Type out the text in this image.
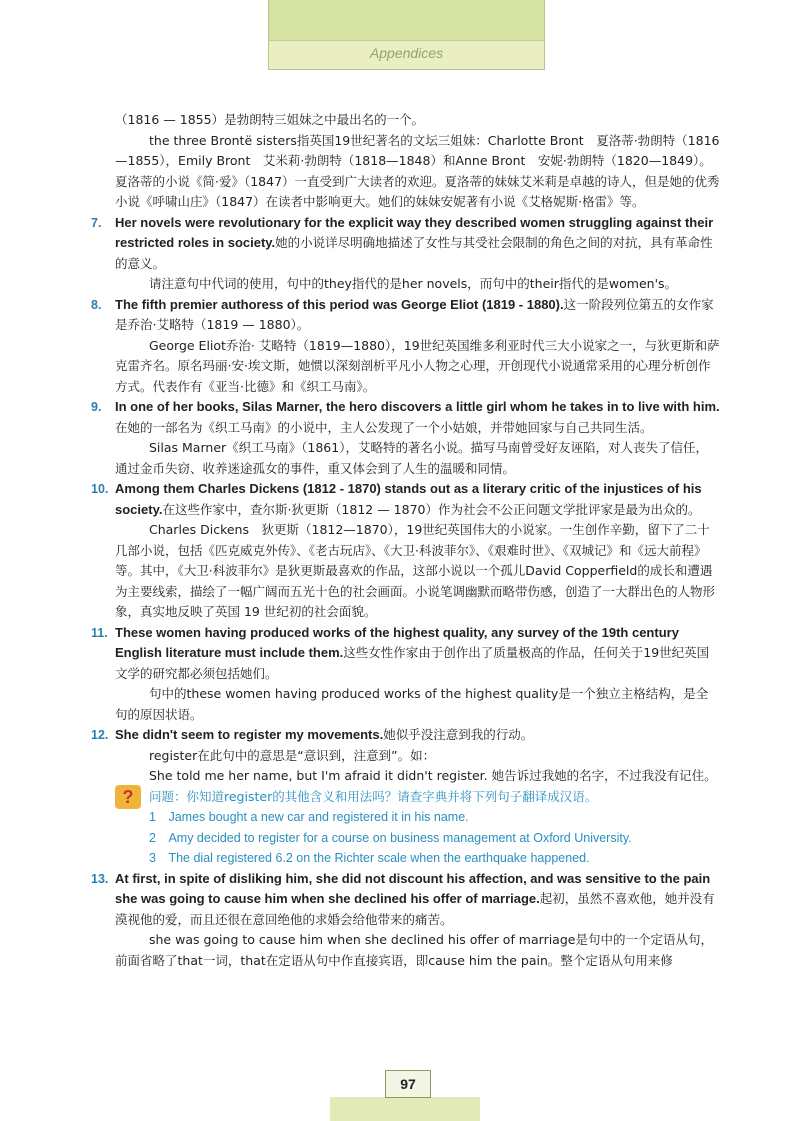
Appendices

（1816 — 1855）是勃朗特三姐妹之中最出名的一个。

the three Brontë sisters指英国19世纪著名的文坛三姐妹：Charlotte Bront　夏洛蒂·勃朗特（1816—1855），Emily Bront　艾米莉·勃朗特（1818—1848）和Anne Bront　安妮·勃朗特（1820—1849）。夏洛蒂的小说《简·爱》（1847）一直受到广大读者的欢迎。夏洛蒂的妹妹艾米莉是卓越的诗人，但是她的优秀小说《呼啸山庄》（1847）在读者中影响更大。她们的妹妹安妮著有小说《艾格妮斯·格雷》等。

7. Her novels were revolutionary for the explicit way they described women struggling against their restricted roles in society.她的小说详尽明确地描述了女性与其受社会限制的角色之间的对抗，具有革命性的意义。

请注意句中代词的使用，句中的they指代的是her novels，而句中的their指代的是women's。

8. The fifth premier authoress of this period was George Eliot (1819 - 1880).这一阶段列位第五的女作家是乔治·艾略特（1819 — 1880）。

George Eliot乔治· 艾略特（1819—1880），19世纪英国维多利亚时代三大小说家之一，与狄更斯和萨克雷齐名。原名玛丽·安·埃文斯，她惯以深刻剖析平凡小人物之心理，开创现代小说通常采用的心理分析创作方式。代表作有《亚当·比德》和《织工马南》。

9. In one of her books, Silas Marner, the hero discovers a little girl whom he takes in to live with him.在她的一部名为《织工马南》的小说中，主人公发现了一个小姑娘，并带她回家与自己共同生活。

Silas Marner《织工马南》（1861），艾略特的著名小说。描写马南曾受好友诬陷，对人丧失了信任，通过金币失窃、收养迷途孤女的事件，重又体会到了人生的温暖和同情。

10. Among them Charles Dickens (1812 - 1870) stands out as a literary critic of the injustices of his society.在这些作家中，查尔斯·狄更斯（1812 — 1870）作为社会不公正问题文学批评家是最为出众的。

Charles Dickens　狄更斯（1812—1870），19世纪英国伟大的小说家。一生创作辛勤，留下了二十几部小说，包括《匹克威克外传》、《老古玩店》、《大卫·科波菲尔》、《艰难时世》、《双城记》和《远大前程》等。其中，《大卫·科波菲尔》是狄更斯最喜欢的作品，这部小说以一个孤儿David Copperfield的成长和遭遇为主要线索，描绘了一幅广阔而五光十色的社会画面。小说笔调幽默而略带伤感，创造了一大群出色的人物形象，真实地反映了英国 19 世纪初的社会面貌。

11. These women having produced works of the highest quality, any survey of the 19th century English literature must include them.这些女性作家由于创作出了质量极高的作品，任何关于19世纪英国文学的研究都必须包括她们。

句中的these women having produced works of the highest quality是一个独立主格结构，是全句的原因状语。

12. She didn't seem to register my movements.她似乎没注意到我的行动。

register在此句中的意思是“意识到，注意到”。如：

She told me her name, but I'm afraid it didn't register. 她告诉过我她的名字，不过我没有记住。

?	问题：你知道register的其他含义和用法吗？请查字典并将下列句子翻译成汉语。

1　James bought a new car and registered it in his name.

2　Amy decided to register for a course on business management at Oxford University.

3　The dial registered 6.2 on the Richter scale when the earthquake happened.

13. At first, in spite of disliking him, she did not discount his affection, and was sensitive to the pain she was going to cause him when she declined his offer of marriage.起初，虽然不喜欢他，她并没有漠视他的爱，而且还很在意回绝他的求婚会给他带来的痛苦。

she was going to cause him when she declined his offer of marriage是句中的一个定语从句，前面省略了that一词，that在定语从句中作直接宾语，即cause him the pain。整个定语从句用来修

97
